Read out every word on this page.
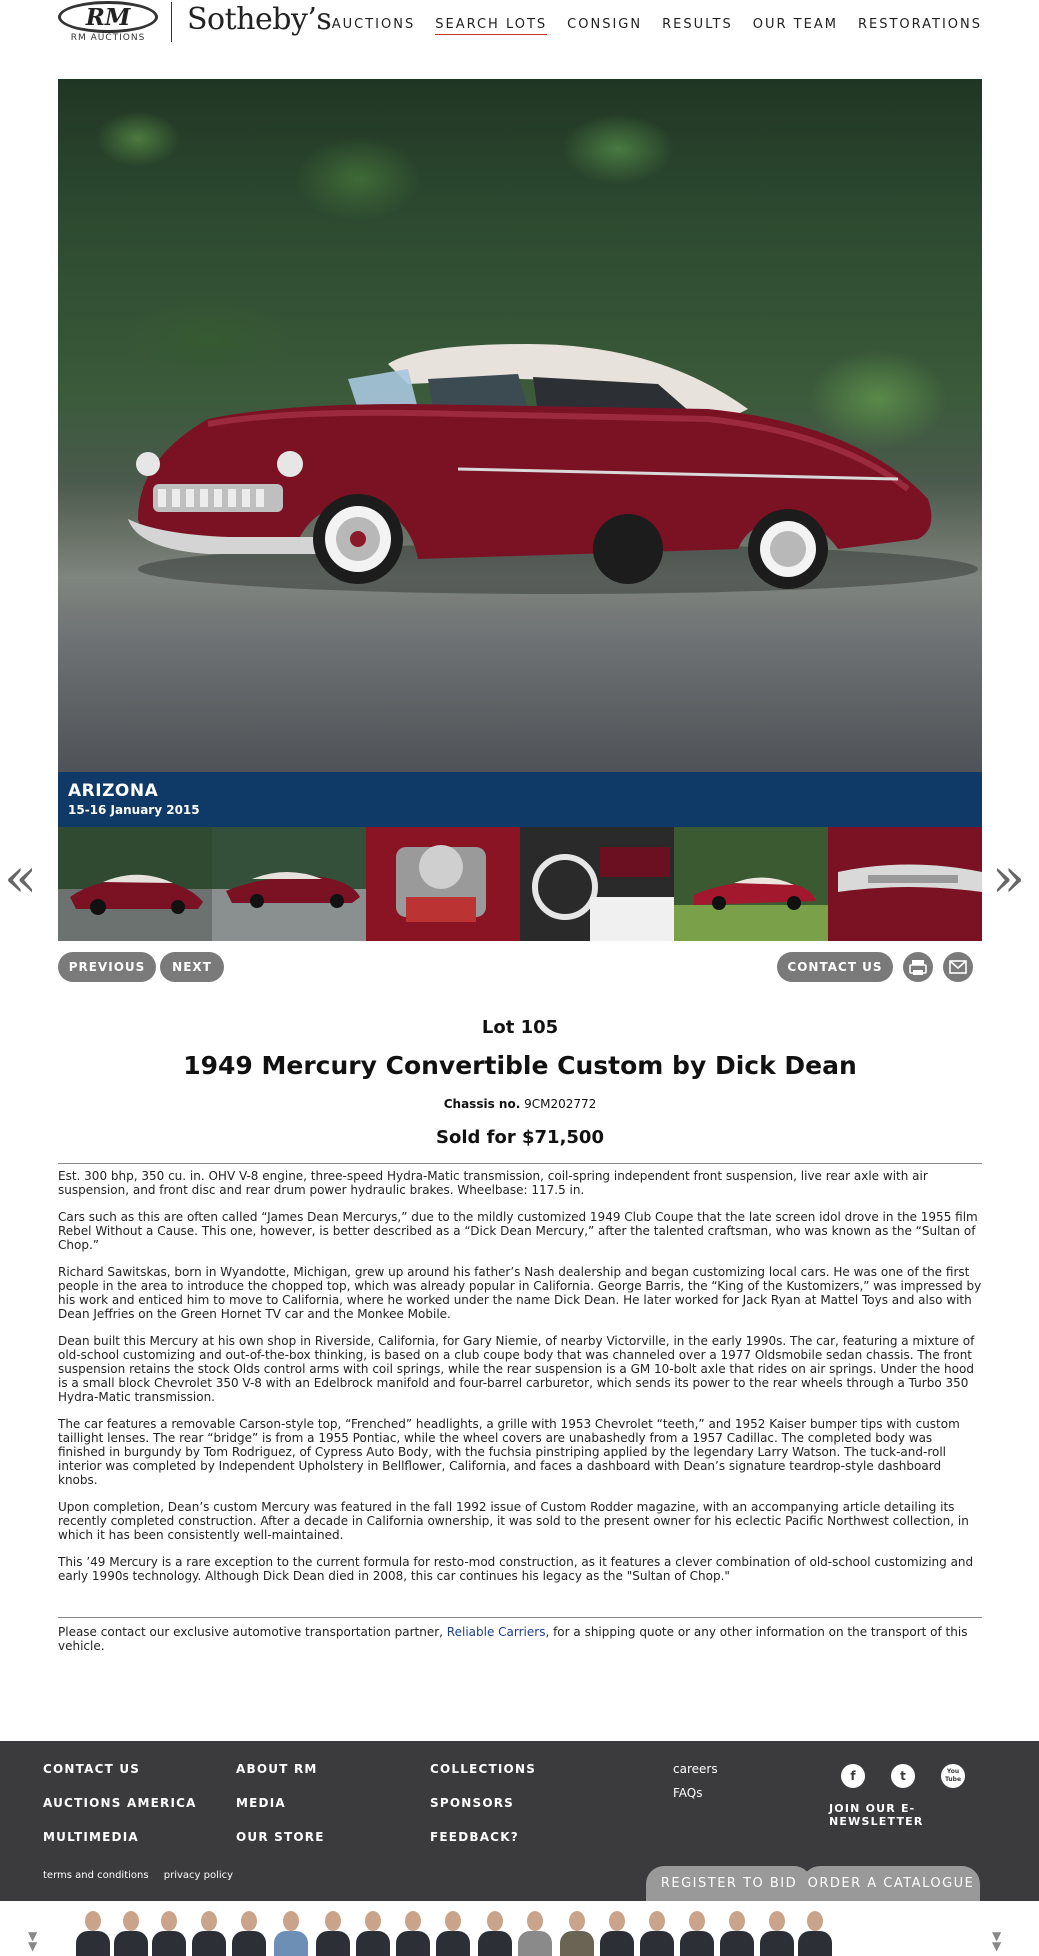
RM
RM AUCTIONS
Sotheby’s AUCTIONS SEARCH LOTS CONSIGN RESULTS OUR TEAM RESTORATIONS
ARIZONA
15-16 January 2015
«	»
PREVIOUS	NEXT	CONTACT US
Lot 105
1949 Mercury Convertible Custom by Dick Dean
Chassis no. 9CM202772
Sold for $71,500

Est. 300 bhp, 350 cu. in. OHV V-8 engine, three-speed Hydra-Matic transmission, coil-spring independent front suspension, live rear axle with air suspension, and front disc and rear drum power hydraulic brakes. Wheelbase: 117.5 in.

Cars such as this are often called “James Dean Mercurys,” due to the mildly customized 1949 Club Coupe that the late screen idol drove in the 1955 film Rebel Without a Cause. This one, however, is better described as a “Dick Dean Mercury,” after the talented craftsman, who was known as the “Sultan of Chop.”

Richard Sawitskas, born in Wyandotte, Michigan, grew up around his father’s Nash dealership and began customizing local cars. He was one of the first people in the area to introduce the chopped top, which was already popular in California. George Barris, the “King of the Kustomizers,” was impressed by his work and enticed him to move to California, where he worked under the name Dick Dean. He later worked for Jack Ryan at Mattel Toys and also with Dean Jeffries on the Green Hornet TV car and the Monkee Mobile.

Dean built this Mercury at his own shop in Riverside, California, for Gary Niemie, of nearby Victorville, in the early 1990s. The car, featuring a mixture of old-school customizing and out-of-the-box thinking, is based on a club coupe body that was channeled over a 1977 Oldsmobile sedan chassis. The front suspension retains the stock Olds control arms with coil springs, while the rear suspension is a GM 10-bolt axle that rides on air springs. Under the hood is a small block Chevrolet 350 V-8 with an Edelbrock manifold and four-barrel carburetor, which sends its power to the rear wheels through a Turbo 350 Hydra-Matic transmission.

The car features a removable Carson-style top, “Frenched” headlights, a grille with 1953 Chevrolet “teeth,” and 1952 Kaiser bumper tips with custom taillight lenses. The rear “bridge” is from a 1955 Pontiac, while the wheel covers are unabashedly from a 1957 Cadillac. The completed body was finished in burgundy by Tom Rodriguez, of Cypress Auto Body, with the fuchsia pinstriping applied by the legendary Larry Watson. The tuck-and-roll interior was completed by Independent Upholstery in Bellflower, California, and faces a dashboard with Dean’s signature teardrop-style dashboard knobs.

Upon completion, Dean’s custom Mercury was featured in the fall 1992 issue of Custom Rodder magazine, with an accompanying article detailing its recently completed construction. After a decade in California ownership, it was sold to the present owner for his eclectic Pacific Northwest collection, in which it has been consistently well-maintained.

This ’49 Mercury is a rare exception to the current formula for resto-mod construction, as it features a clever combination of old-school customizing and early 1990s technology. Although Dick Dean died in 2008, this car continues his legacy as the "Sultan of Chop."

Please contact our exclusive automotive transportation partner, Reliable Carriers, for a shipping quote or any other information on the transport of this vehicle.
CONTACT US
AUCTIONS AMERICA
MULTIMEDIA
ABOUT RM
MEDIA
OUR STORE
COLLECTIONS
SPONSORS
FEEDBACK?
careers
FAQs
f	t	You Tube
JOIN OUR E-NEWSLETTER
terms and conditions privacy policy
REGISTER TO BID ORDER A CATALOGUE
▼
▼
▼
▼
